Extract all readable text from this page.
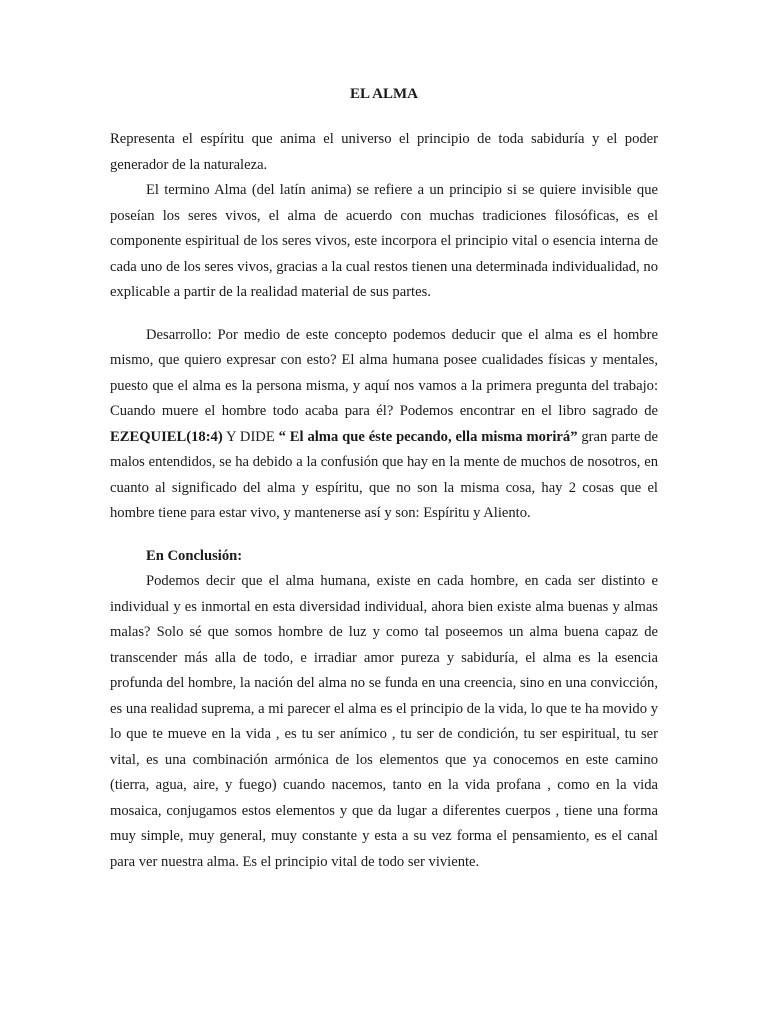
EL ALMA

Representa el espíritu que anima el universo el principio de toda sabiduría y el poder generador de la naturaleza.

El termino Alma (del latín anima) se refiere a un principio si se quiere invisible que poseían los seres vivos, el alma de acuerdo con muchas tradiciones filosóficas, es el componente espiritual de los seres vivos, este incorpora el principio vital o esencia interna de cada uno de los seres vivos, gracias a la cual restos tienen una determinada individualidad, no explicable a partir de la realidad material de sus partes.

Desarrollo: Por medio de este concepto podemos deducir que el alma es el hombre mismo, que quiero expresar con esto? El alma humana posee cualidades físicas y mentales, puesto que el alma es la persona misma, y aquí nos vamos a la primera pregunta del trabajo: Cuando muere el hombre todo acaba para él? Podemos encontrar en el libro sagrado de EZEQUIEL(18:4) Y DIDE “ El alma que éste pecando, ella misma morirá” gran parte de malos entendidos, se ha debido a la confusión que hay en la mente de muchos de nosotros, en cuanto al significado del alma y espíritu, que no son la misma cosa, hay 2 cosas que el hombre tiene para estar vivo, y mantenerse así y son: Espíritu y Aliento.

En Conclusión:

Podemos decir que el alma humana, existe en cada hombre, en cada ser distinto e individual y es inmortal en esta diversidad individual, ahora bien existe alma buenas y almas malas? Solo sé que somos hombre de luz y como tal poseemos un alma buena capaz de transcender más alla de todo, e irradiar amor pureza y sabiduría, el alma es la esencia profunda del hombre, la nación del alma no se funda en una creencia, sino en una convicción, es una realidad suprema, a mi parecer el alma es el principio de la vida, lo que te ha movido y lo que te mueve en la vida , es tu ser anímico , tu ser de condición, tu ser espiritual, tu ser vital, es una combinación armónica de los elementos que ya conocemos en este camino (tierra, agua, aire, y fuego) cuando nacemos, tanto en la vida profana , como en la vida mosaica, conjugamos estos elementos y que da lugar a diferentes cuerpos , tiene una forma muy simple, muy general, muy constante y esta a su vez forma el pensamiento, es el canal para ver nuestra alma. Es el principio vital de todo ser viviente.
